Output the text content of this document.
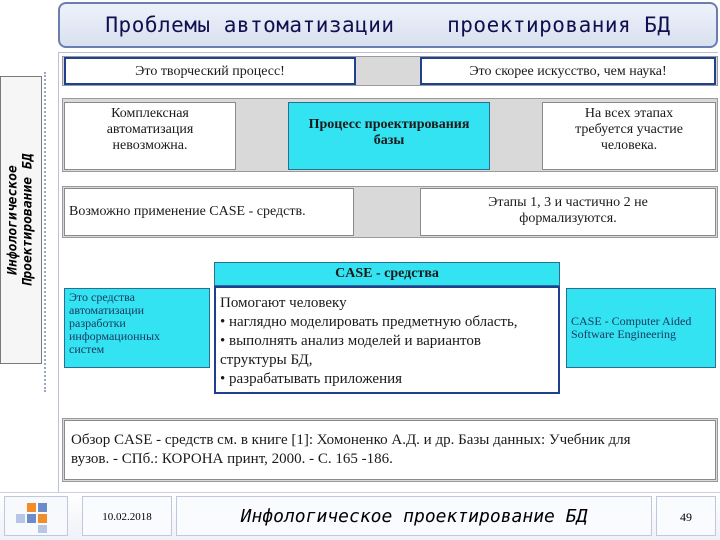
Проблемы автоматизации	проектирования БД
Инфологическое Проектирование БД
Это творческий процесс!	Это скорее искусство, чем наука!
Комплексная
автоматизация
невозможна.
Процесс проектирования
базы
На всех этапах
требуется участие
человека.
Возможно применение CASE - средств.
Этапы 1, 3 и частично 2 не
формализуются.
CASE - средства
Это средства
автоматизации
разработки
информационных
систем
Помогают человеку
• наглядно моделировать предметную область,
• выполнять анализ моделей и вариантов
структуры БД,
• разрабатывать приложения
CASE - Computer Aided
Software Engineering
Обзор CASE - средств см. в книге [1]: Хомоненко А.Д. и др. Базы данных: Учебник для
вузов. - СПб.: КОРОНА принт, 2000. - С. 165 -186.
10.02.2018	Инфологическое проектирование БД	49
